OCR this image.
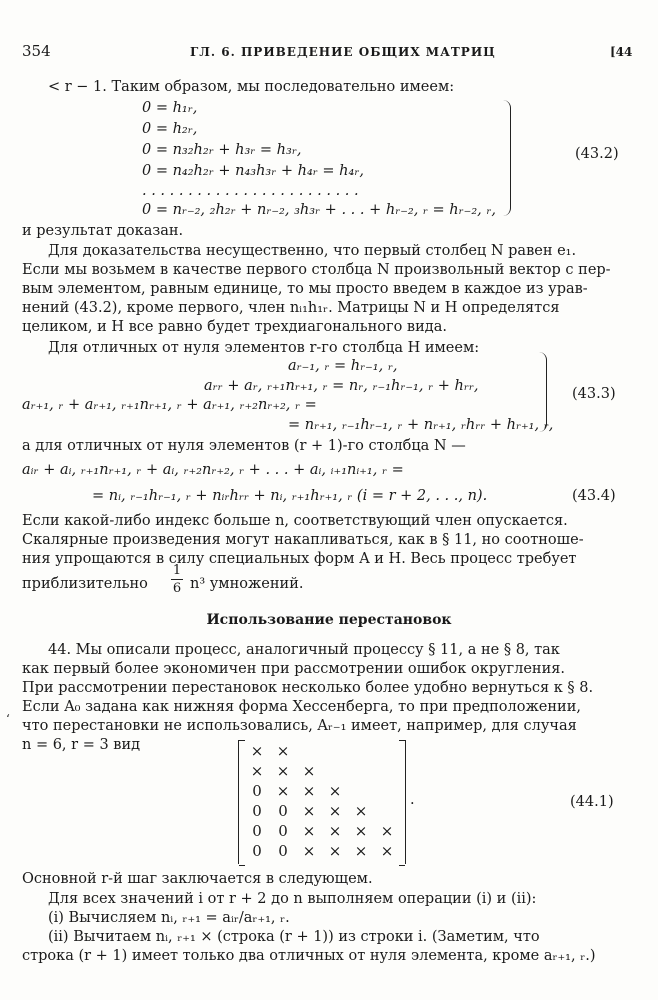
354	ГЛ. 6. ПРИВЕДЕНИЕ ОБЩИХ МАТРИЦ	[44
< r − 1. Таким образом, мы последовательно имеем:
0 = h₁ᵣ,
0 = h₂ᵣ,
0 = n₃₂h₂ᵣ + h₃ᵣ = h₃ᵣ,
0 = n₄₂h₂ᵣ + n₄₃h₃ᵣ + h₄ᵣ = h₄ᵣ,
. . . . . . . . . . . . . . . . . . . . . . . .
0 = nᵣ₋₂, ₂h₂ᵣ + nᵣ₋₂, ₃h₃ᵣ + . . . + hᵣ₋₂, ᵣ = hᵣ₋₂, ᵣ,
(43.2)
и результат доказан.
Для доказательства несущественно, что первый столбец N равен e₁.
Если мы возьмем в качестве первого столбца N произвольный вектор с пер-
вым элементом, равным единице, то мы просто введем в каждое из урав-
нений (43.2), кроме первого, член nᵢ₁h₁ᵣ. Матрицы N и H определятся
целиком, и H все равно будет трехдиагонального вида.
Для отличных от нуля элементов r-го столбца H имеем:
aᵣ₋₁, ᵣ = hᵣ₋₁, ᵣ,
aᵣᵣ + aᵣ, ᵣ₊₁nᵣ₊₁, ᵣ = nᵣ, ᵣ₋₁hᵣ₋₁, ᵣ + hᵣᵣ,
aᵣ₊₁, ᵣ + aᵣ₊₁, ᵣ₊₁nᵣ₊₁, ᵣ + aᵣ₊₁, ᵣ₊₂nᵣ₊₂, ᵣ =
= nᵣ₊₁, ᵣ₋₁hᵣ₋₁, ᵣ + nᵣ₊₁, ᵣhᵣᵣ + hᵣ₊₁, ᵣ,
(43.3)
а для отличных от нуля элементов (r + 1)-го столбца N —
aᵢᵣ + aᵢ, ᵣ₊₁nᵣ₊₁, ᵣ + aᵢ, ᵣ₊₂nᵣ₊₂, ᵣ + . . . + aᵢ, ᵢ₊₁nᵢ₊₁, ᵣ =
= nᵢ, ᵣ₋₁hᵣ₋₁, ᵣ + nᵢᵣhᵣᵣ + nᵢ, ᵣ₊₁hᵣ₊₁, ᵣ (i = r + 2, . . ., n).	(43.4)
Если какой-либо индекс больше n, соответствующий член опускается.
Скалярные произведения могут накапливаться, как в § 11, но соотноше-
ния упрощаются в силу специальных форм A и H. Весь процесс требует
приблизительно
1
6 n³ умножений.
Использование перестановок
44. Мы описали процесс, аналогичный процессу § 11, а не § 8, так
как первый более экономичен при рассмотрении ошибок округления.
При рассмотрении перестановок несколько более удобно вернуться к § 8.
Если A₀ задана как нижняя форма Хессенберга, то при предположении,
‘ что перестановки не использовались, Aᵣ₋₁ имеет, например, для случая
n = 6, r = 3 вид	× ×
× × ×
0 × × ×
0	0 × × ×
0	0 × × × ×
0	0 × × × ×
.	(44.1)
Основной r-й шаг заключается в следующем.
Для всех значений i от r + 2 до n выполняем операции (i) и (ii):
(i) Вычисляем nᵢ, ᵣ₊₁ = aᵢᵣ/aᵣ₊₁, ᵣ.
(ii) Вычитаем nᵢ, ᵣ₊₁ × (строка (r + 1)) из строки i. (Заметим, что
строка (r + 1) имеет только два отличных от нуля элемента, кроме aᵣ₊₁, ᵣ.)
